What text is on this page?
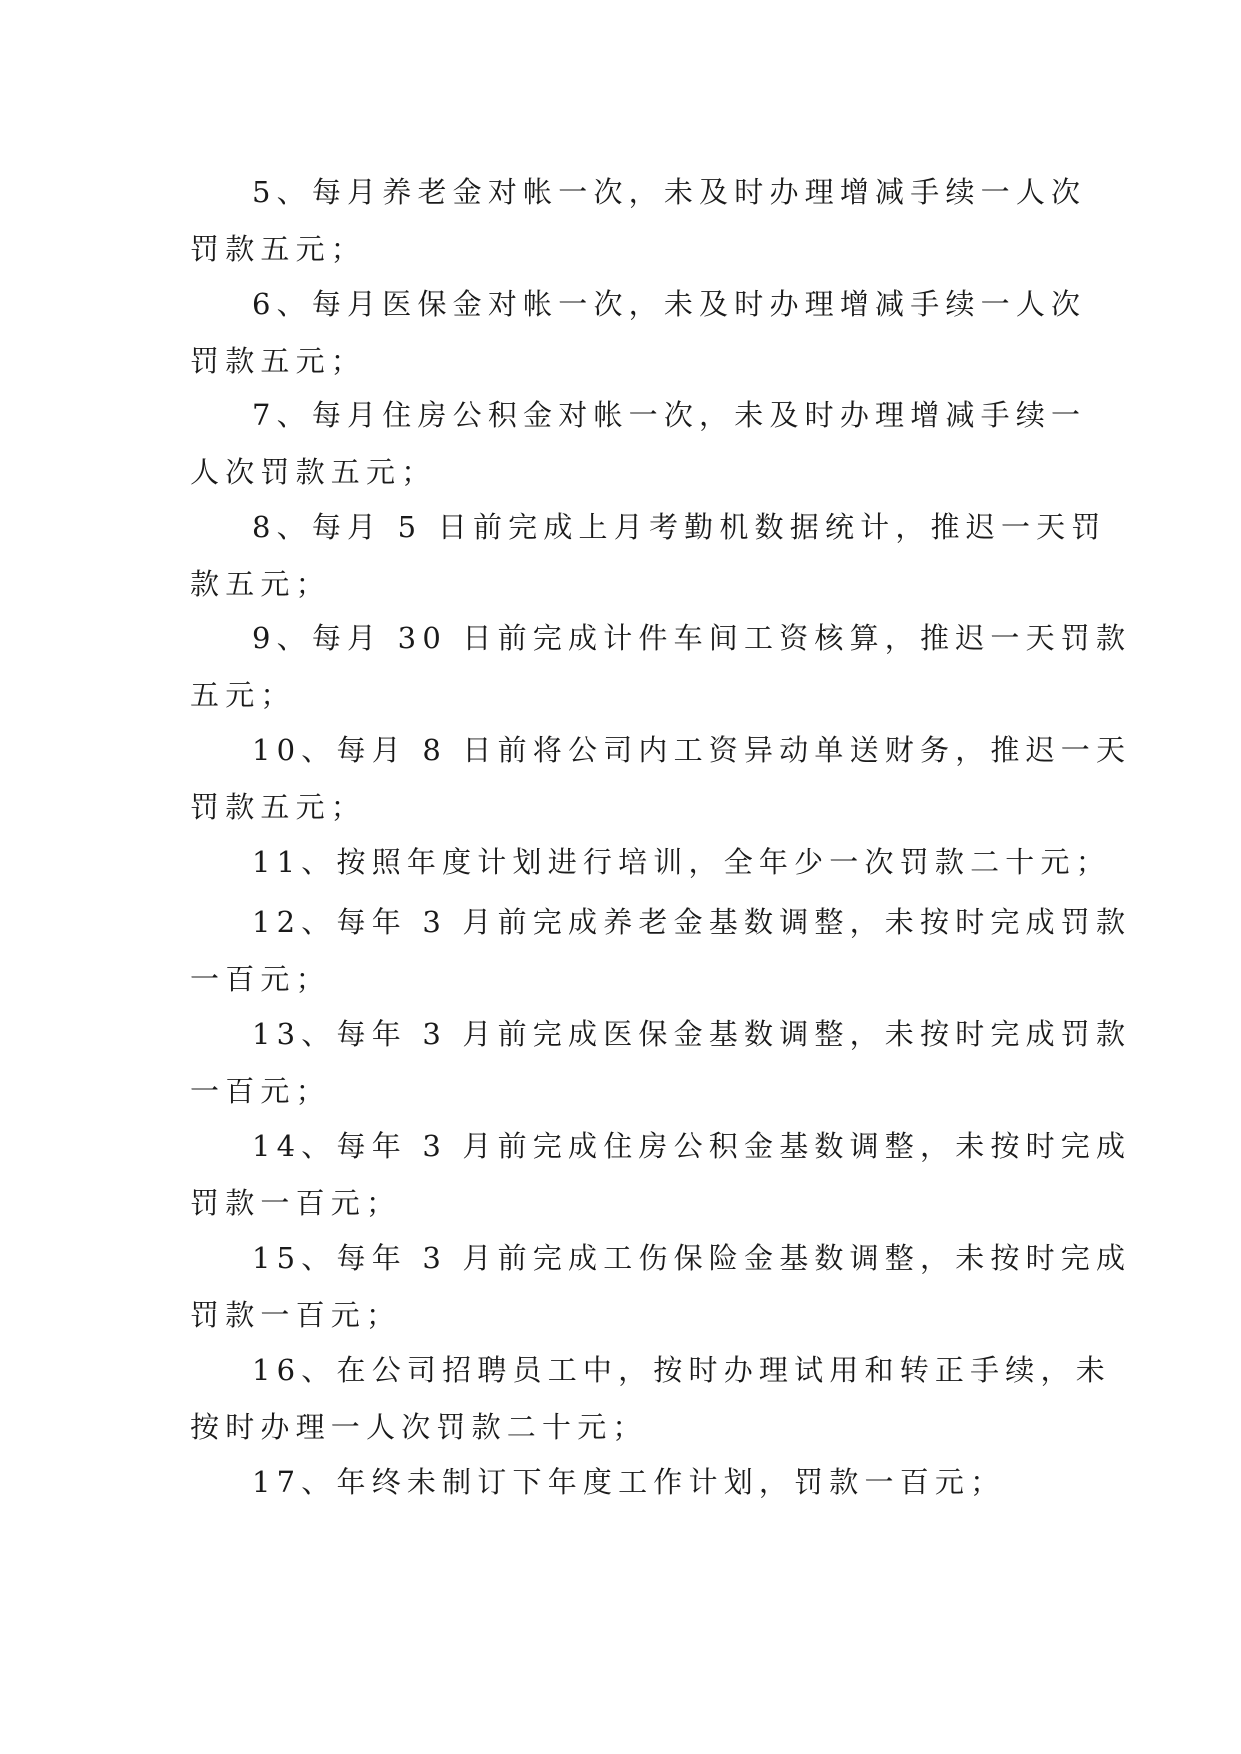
5、每月养老金对帐一次，未及时办理增减手续一人次
罚款五元；
6、每月医保金对帐一次，未及时办理增减手续一人次
罚款五元；
7、每月住房公积金对帐一次，未及时办理增减手续一
人次罚款五元；
8、每月 5 日前完成上月考勤机数据统计，推迟一天罚
款五元；
9、每月 30 日前完成计件车间工资核算，推迟一天罚款
五元；
10、每月 8 日前将公司内工资异动单送财务，推迟一天
罚款五元；
11、按照年度计划进行培训，全年少一次罚款二十元；
12、每年 3 月前完成养老金基数调整，未按时完成罚款
一百元；
13、每年 3 月前完成医保金基数调整，未按时完成罚款
一百元；
14、每年 3 月前完成住房公积金基数调整，未按时完成
罚款一百元；
15、每年 3 月前完成工伤保险金基数调整，未按时完成
罚款一百元；
16、在公司招聘员工中，按时办理试用和转正手续，未
按时办理一人次罚款二十元；
17、年终未制订下年度工作计划，罚款一百元；
